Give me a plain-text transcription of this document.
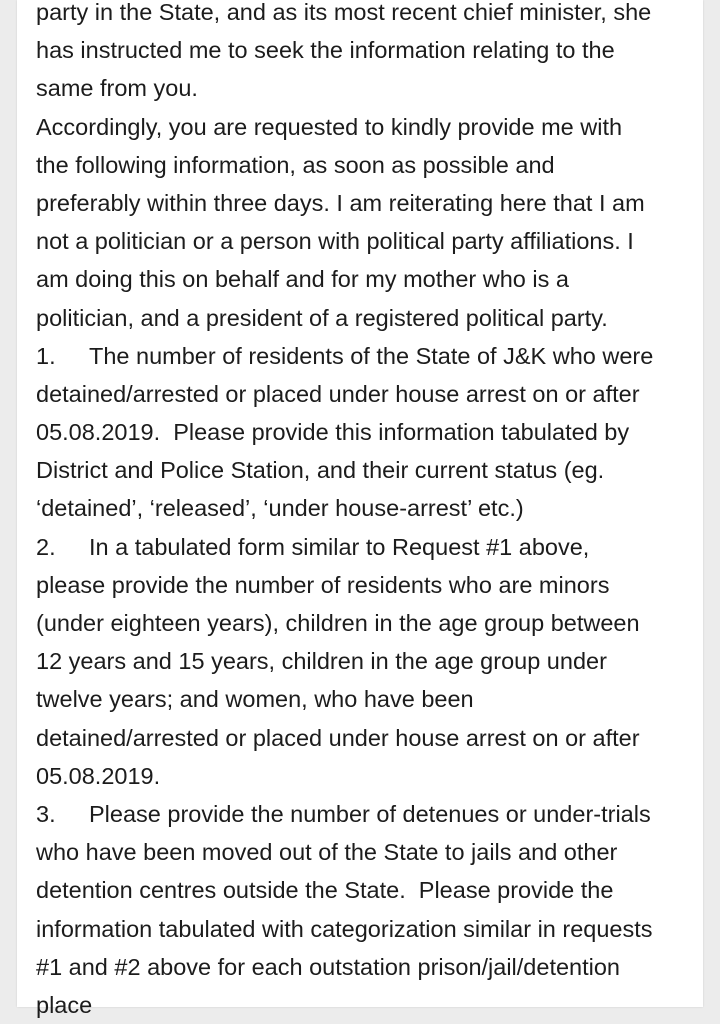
party in the State, and as its most recent chief minister, she
has instructed me to seek the information relating to the
same from you.
Accordingly, you are requested to kindly provide me with
the following information, as soon as possible and
preferably within three days. I am reiterating here that I am
not a politician or a person with political party affiliations. I
am doing this on behalf and for my mother who is a
politician, and a president of a registered political party.
1. The number of residents of the State of J&K who were
detained/arrested or placed under house arrest on or after
05.08.2019.  Please provide this information tabulated by
District and Police Station, and their current status (eg.
‘detained’, ‘released’, ‘under house-arrest’ etc.)
2. In a tabulated form similar to Request #1 above,
please provide the number of residents who are minors
(under eighteen years), children in the age group between
12 years and 15 years, children in the age group under
twelve years; and women, who have been
detained/arrested or placed under house arrest on or after
05.08.2019.
3. Please provide the number of detenues or under-trials
who have been moved out of the State to jails and other
detention centres outside the State.  Please provide the
information tabulated with categorization similar in requests
#1 and #2 above for each outstation prison/jail/detention
place
